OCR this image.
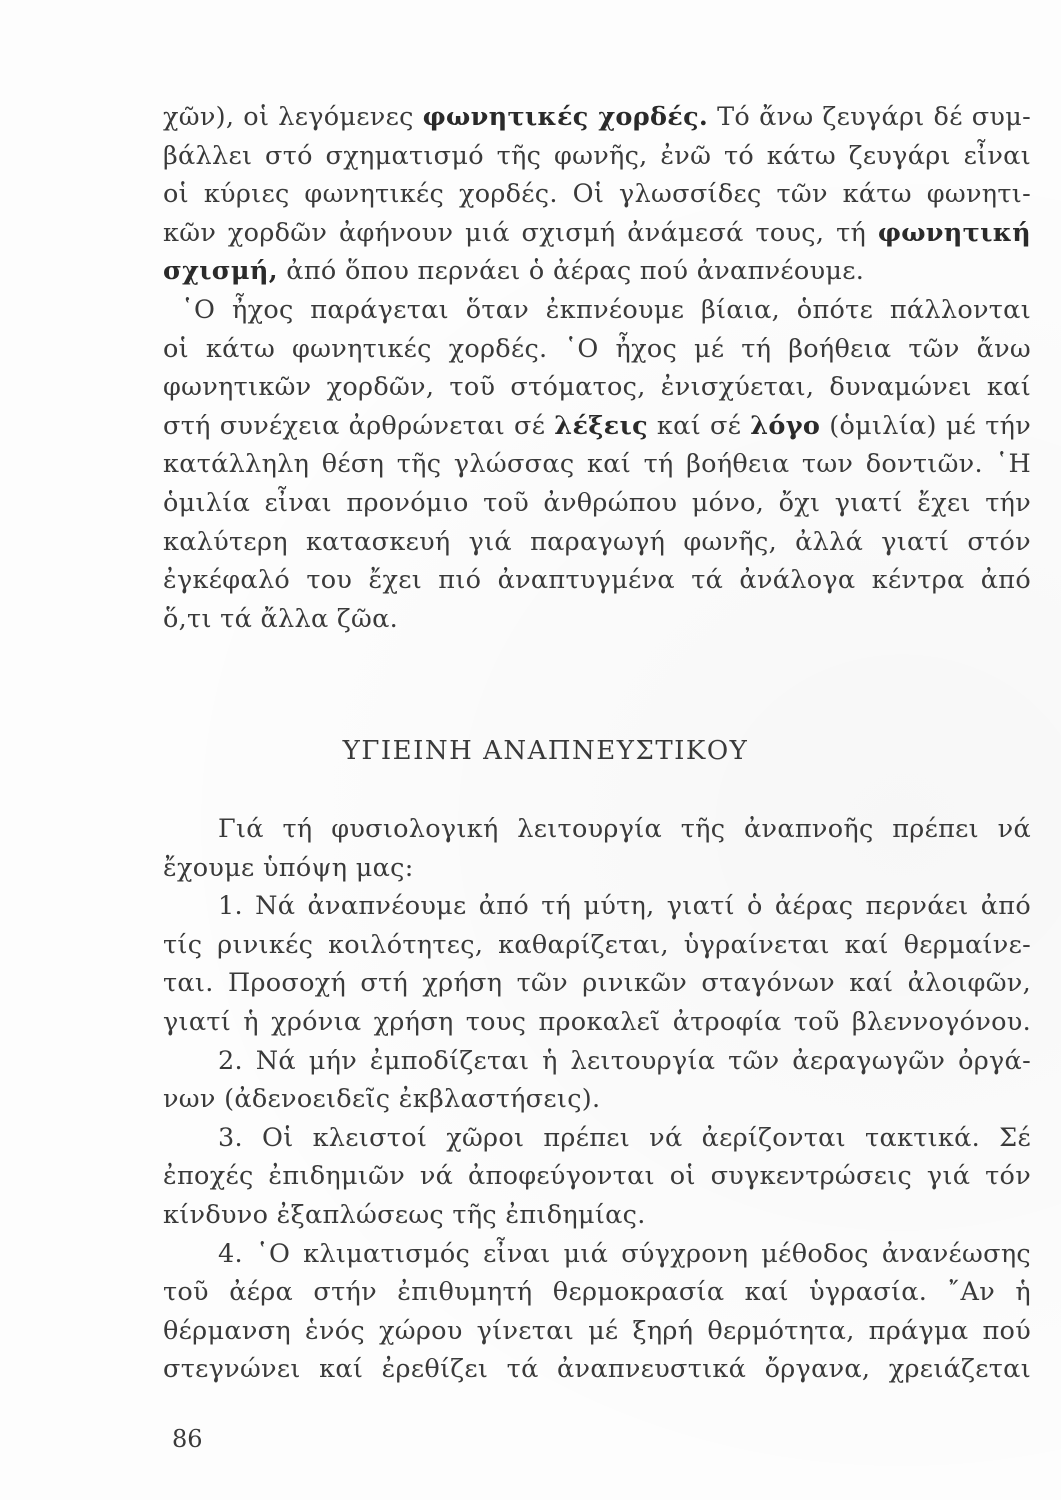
χῶν), οἱ λεγόμενες φωνητικές χορδές. Τό ἄνω ζευγάρι δέ συμ-
βάλλει στό σχηματισμό τῆς φωνῆς, ἐνῶ τό κάτω ζευγάρι εἶναι
οἱ κύριες φωνητικές χορδές. Οἱ γλωσσίδες τῶν κάτω φωνητι-
κῶν χορδῶν ἀφήνουν μιά σχισμή ἀνάμεσά τους, τή φωνητική
σχισμή, ἀπό ὅπου περνάει ὁ ἀέρας πού ἀναπνέουμε.
῾Ο ἦχος παράγεται ὅταν ἐκπνέουμε βίαια, ὁπότε πάλλονται
οἱ κάτω φωνητικές χορδές. ῾Ο ἦχος μέ τή βοήθεια τῶν ἄνω
φωνητικῶν χορδῶν, τοῦ στόματος, ἐνισχύεται, δυναμώνει καί
στή συνέχεια ἀρθρώνεται σέ λέξεις καί σέ λόγο (ὁμιλία) μέ τήν
κατάλληλη θέση τῆς γλώσσας καί τή βοήθεια των δοντιῶν. ῾Η
ὁμιλία εἶναι προνόμιο τοῦ ἀνθρώπου μόνο, ὄχι γιατί ἔχει τήν
καλύτερη κατασκευή γιά παραγωγή φωνῆς, ἀλλά γιατί στόν
ἐγκέφαλό του ἔχει πιό ἀναπτυγμένα τά ἀνάλογα κέντρα ἀπό
ὅ,τι τά ἄλλα ζῶα.
ΥΓΙΕΙΝΗ ΑΝΑΠΝΕΥΣΤΙΚΟΥ
Γιά τή φυσιολογική λειτουργία τῆς ἀναπνοῆς πρέπει νά
ἔχουμε ὑπόψη μας:
1. Νά ἀναπνέουμε ἀπό τή μύτη, γιατί ὁ ἀέρας περνάει ἀπό
τίς ρινικές κοιλότητες, καθαρίζεται, ὑγραίνεται καί θερμαίνε-
ται. Προσοχή στή χρήση τῶν ρινικῶν σταγόνων καί ἀλοιφῶν,
γιατί ἡ χρόνια χρήση τους προκαλεῖ ἀτροφία τοῦ βλεννογόνου.
2. Νά μήν ἐμποδίζεται ἡ λειτουργία τῶν ἀεραγωγῶν ὀργά-
νων (ἀδενοειδεῖς ἐκβλαστήσεις).
3. Οἱ κλειστοί χῶροι πρέπει νά ἀερίζονται τακτικά. Σέ
ἐποχές ἐπιδημιῶν νά ἀποφεύγονται οἱ συγκεντρώσεις γιά τόν
κίνδυνο ἐξαπλώσεως τῆς ἐπιδημίας.
4. ῾Ο κλιματισμός εἶναι μιά σύγχρονη μέθοδος ἀνανέωσης
τοῦ ἀέρα στήν ἐπιθυμητή θερμοκρασία καί ὑγρασία. ῎Αν ἡ
θέρμανση ἑνός χώρου γίνεται μέ ξηρή θερμότητα, πράγμα πού
στεγνώνει καί ἐρεθίζει τά ἀναπνευστικά ὄργανα, χρειάζεται
86
